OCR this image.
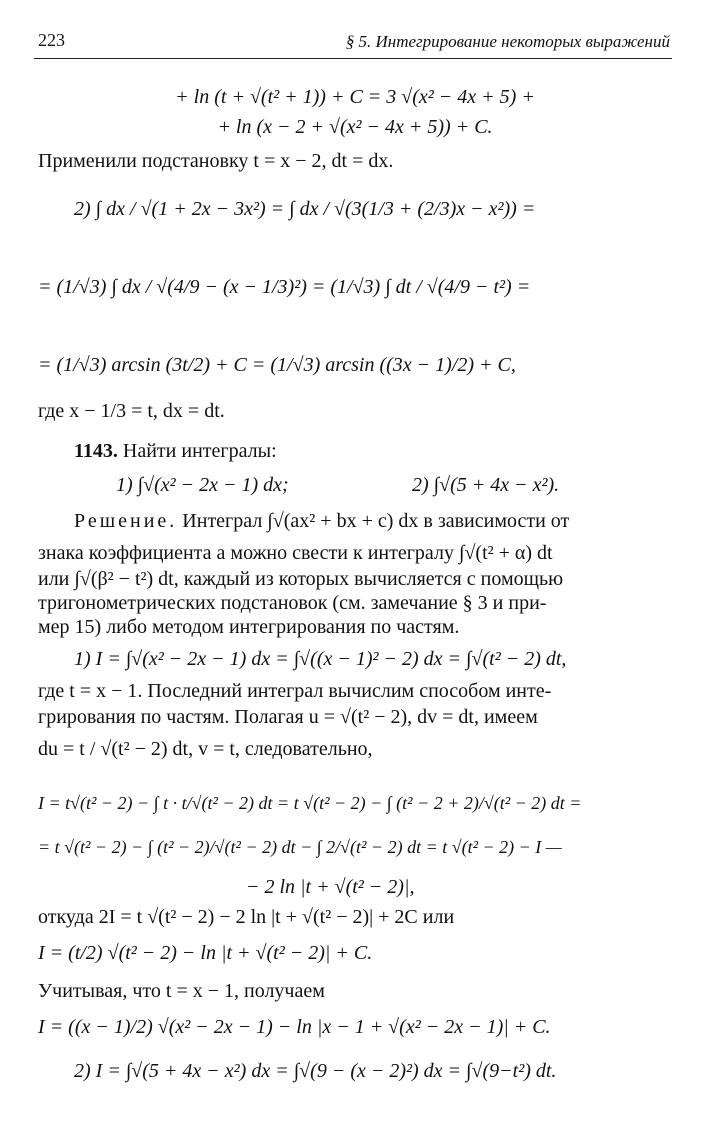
223	§ 5. Интегрирование некоторых выражений
+ ln (t + √(t² + 1)) + C = 3 √(x² − 4x + 5) +
+ ln (x − 2 + √(x² − 4x + 5)) + C.
Применили подстановку t = x − 2, dt = dx.
2) ∫ dx / √(1 + 2x − 3x²) = ∫ dx / √(3(1/3 + (2/3)x − x²)) =
= (1/√3) ∫ dx / √(4/9 − (x − 1/3)²) = (1/√3) ∫ dt / √(4/9 − t²) =
= (1/√3) arcsin (3t/2) + C = (1/√3) arcsin ((3x − 1)/2) + C,
где x − 1/3 = t, dx = dt.
1143. Найти интегралы:
1) ∫√(x² − 2x − 1) dx;	2) ∫√(5 + 4x − x²).
Решение. Интеграл ∫√(ax² + bx + c) dx в зависимости от
знака коэффициента a можно свести к интегралу ∫√(t² + α) dt
или ∫√(β² − t²) dt, каждый из которых вычисляется с помощью
тригонометрических подстановок (см. замечание § 3 и при-
мер 15) либо методом интегрирования по частям.
1) I = ∫√(x² − 2x − 1) dx = ∫√((x − 1)² − 2) dx = ∫√(t² − 2) dt,
где t = x − 1. Последний интеграл вычислим способом инте-
грирования по частям. Полагая u = √(t² − 2), dv = dt, имеем
du = t / √(t² − 2) dt, v = t, следовательно,
I = t√(t² − 2) − ∫ t · t/√(t² − 2) dt = t √(t² − 2) − ∫ (t² − 2 + 2)/√(t² − 2) dt =
= t √(t² − 2) − ∫ (t² − 2)/√(t² − 2) dt − ∫ 2/√(t² − 2) dt = t √(t² − 2) − I —
− 2 ln |t + √(t² − 2)|,
откуда 2I = t √(t² − 2) − 2 ln |t + √(t² − 2)| + 2C или
I = (t/2) √(t² − 2) − ln |t + √(t² − 2)| + C.
Учитывая, что t = x − 1, получаем
I = ((x − 1)/2) √(x² − 2x − 1) − ln |x − 1 + √(x² − 2x − 1)| + C.
2) I = ∫√(5 + 4x − x²) dx = ∫√(9 − (x − 2)²) dx = ∫√(9−t²) dt.
